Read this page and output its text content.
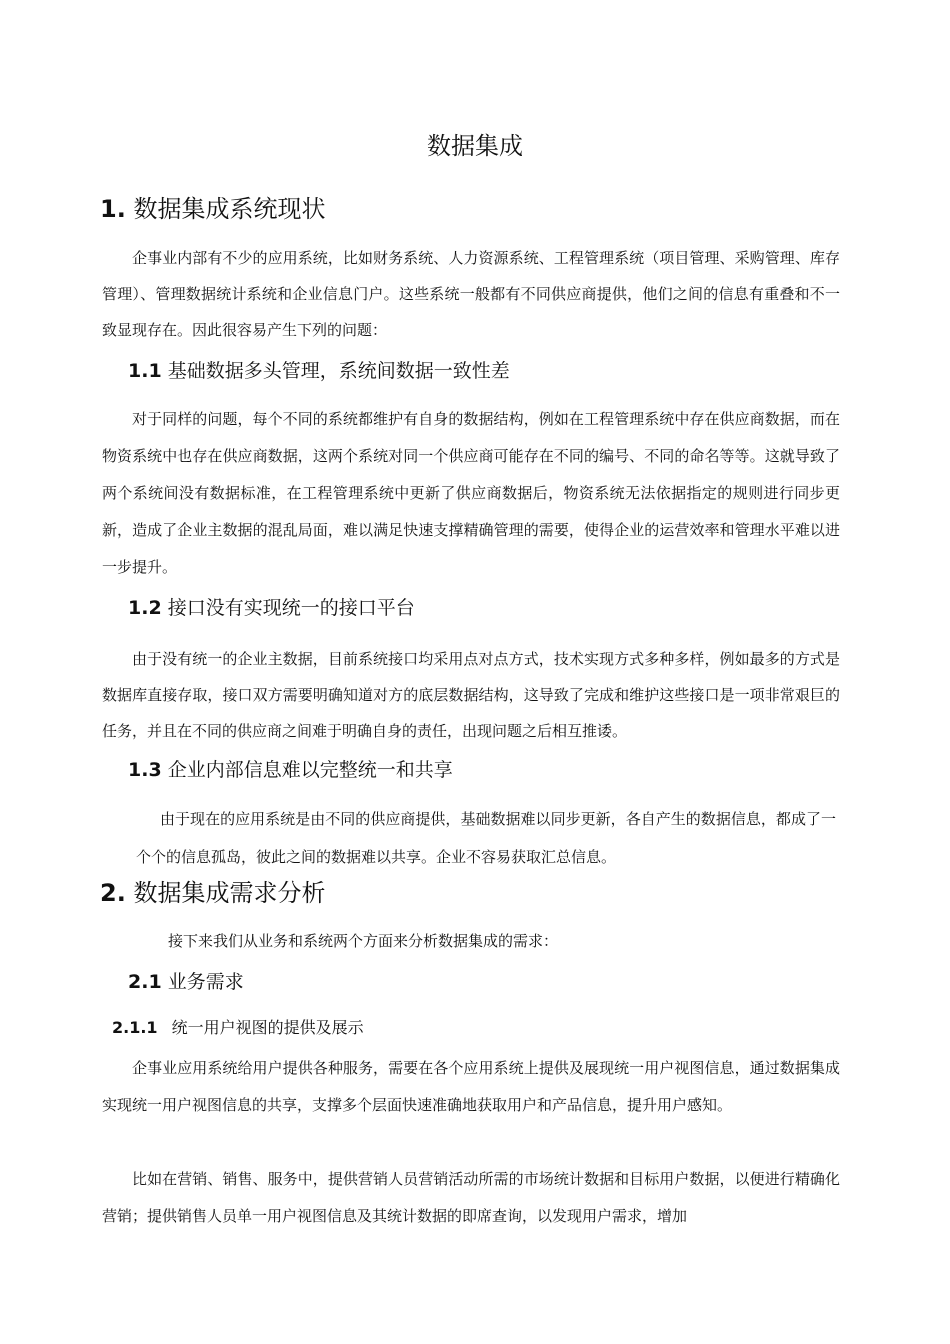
数据集成
1. 数据集成系统现状

企事业内部有不少的应用系统，比如财务系统、人力资源系统、工程管理系统（项目管理、采购管理、库存管理）、管理数据统计系统和企业信息门户。这些系统一般都有不同供应商提供，他们之间的信息有重叠和不一致显现存在。因此很容易产生下列的问题：

1.1 基础数据多头管理，系统间数据一致性差

对于同样的问题，每个不同的系统都维护有自身的数据结构，例如在工程管理系统中存在供应商数据，而在物资系统中也存在供应商数据，这两个系统对同一个供应商可能存在不同的编号、不同的命名等等。这就导致了两个系统间没有数据标准，在工程管理系统中更新了供应商数据后，物资系统无法依据指定的规则进行同步更新，造成了企业主数据的混乱局面，难以满足快速支撑精确管理的需要，使得企业的运营效率和管理水平难以进一步提升。

1.2 接口没有实现统一的接口平台

由于没有统一的企业主数据，目前系统接口均采用点对点方式，技术实现方式多种多样，例如最多的方式是数据库直接存取，接口双方需要明确知道对方的底层数据结构，这导致了完成和维护这些接口是一项非常艰巨的任务，并且在不同的供应商之间难于明确自身的责任，出现问题之后相互推诿。

1.3 企业内部信息难以完整统一和共享

由于现在的应用系统是由不同的供应商提供，基础数据难以同步更新，各自产生的数据信息，都成了一个个的信息孤岛，彼此之间的数据难以共享。企业不容易获取汇总信息。

2. 数据集成需求分析

接下来我们从业务和系统两个方面来分析数据集成的需求：

2.1 业务需求
2.1.1 统一用户视图的提供及展示

企事业应用系统给用户提供各种服务，需要在各个应用系统上提供及展现统一用户视图信息，通过数据集成实现统一用户视图信息的共享，支撑多个层面快速准确地获取用户和产品信息，提升用户感知。

比如在营销、销售、服务中，提供营销人员营销活动所需的市场统计数据和目标用户数据，以便进行精确化营销；提供销售人员单一用户视图信息及其统计数据的即席查询，以发现用户需求，增加
